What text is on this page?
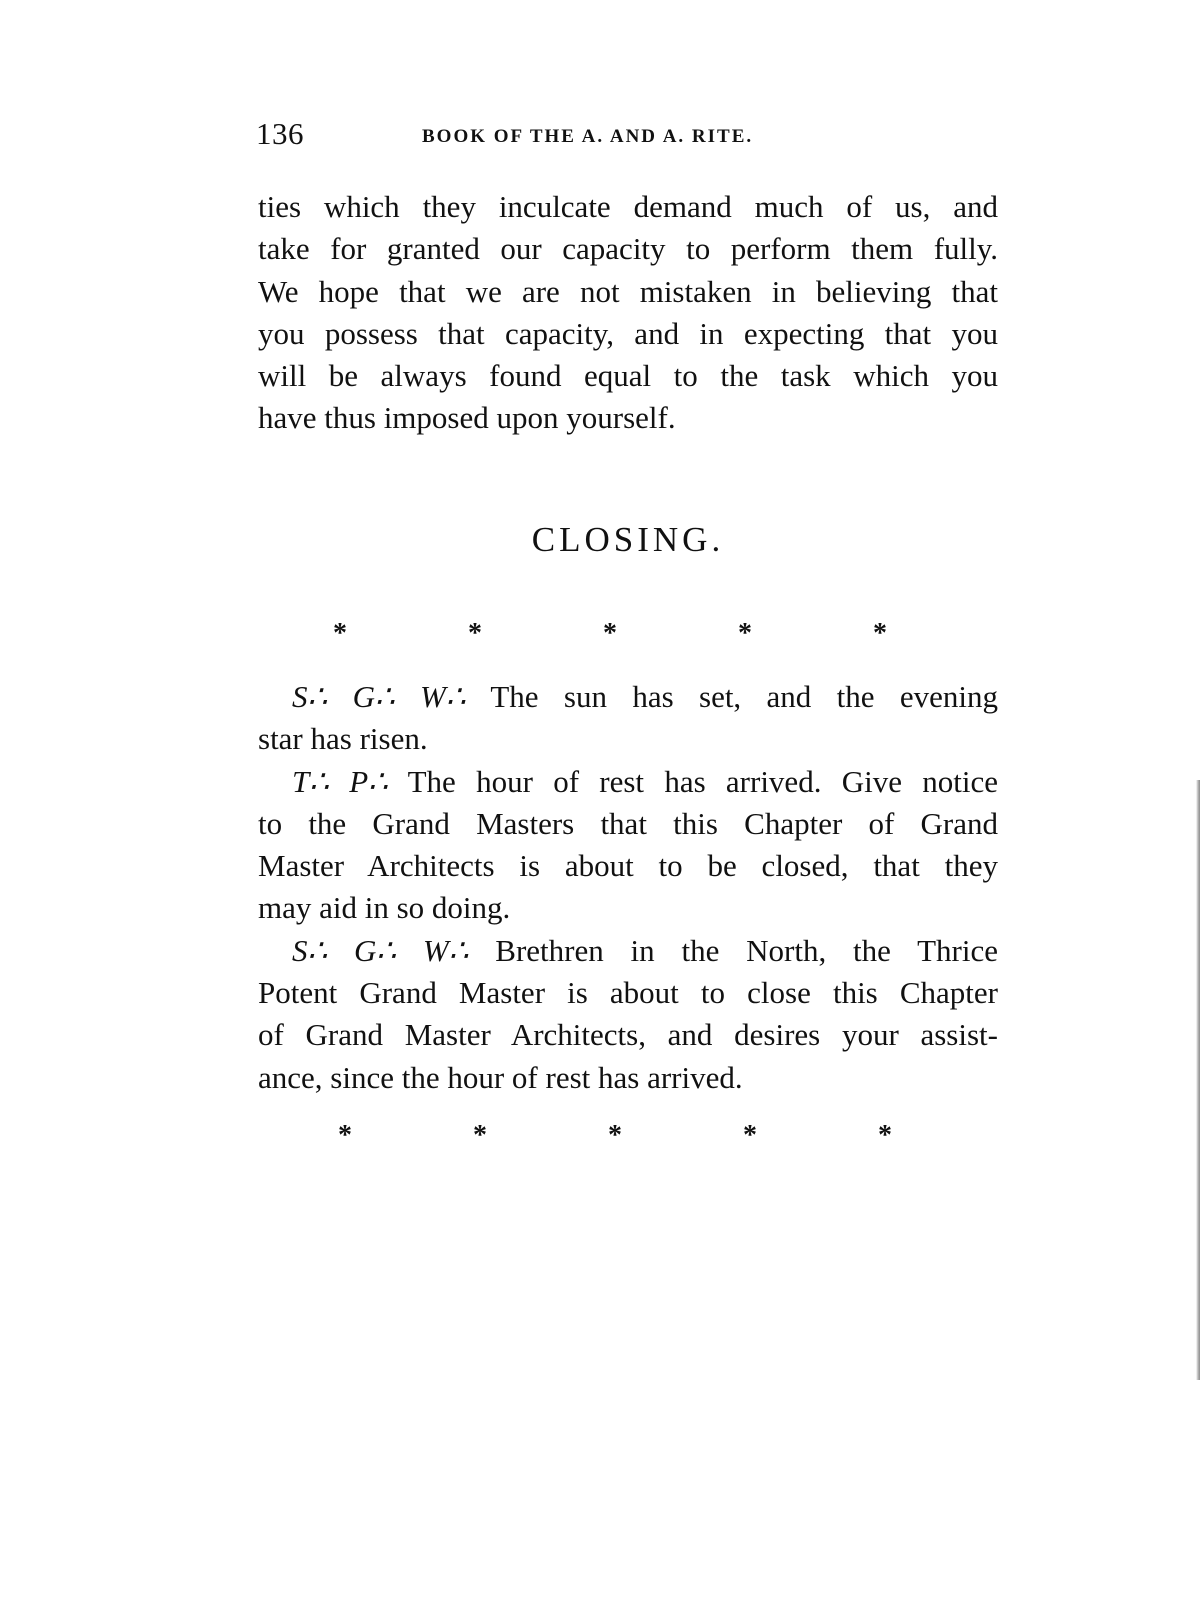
136	BOOK OF THE A. AND A. RITE.
ties which they inculcate demand much of us, and
take for granted our capacity to perform them fully.
We hope that we are not mistaken in believing that
you possess that capacity, and in expecting that you
will be always found equal to the task which you
have thus imposed upon yourself.
CLOSING.
*	*	*	*	*
S∴ G∴ W∴ The sun has set, and the evening
star has risen.
T∴ P∴ The hour of rest has arrived. Give notice
to the Grand Masters that this Chapter of Grand
Master Architects is about to be closed, that they
may aid in so doing.
S∴ G∴ W∴ Brethren in the North, the Thrice
Potent Grand Master is about to close this Chapter
of Grand Master Architects, and desires your assist-
ance, since the hour of rest has arrived.
*	*	*	*	*
